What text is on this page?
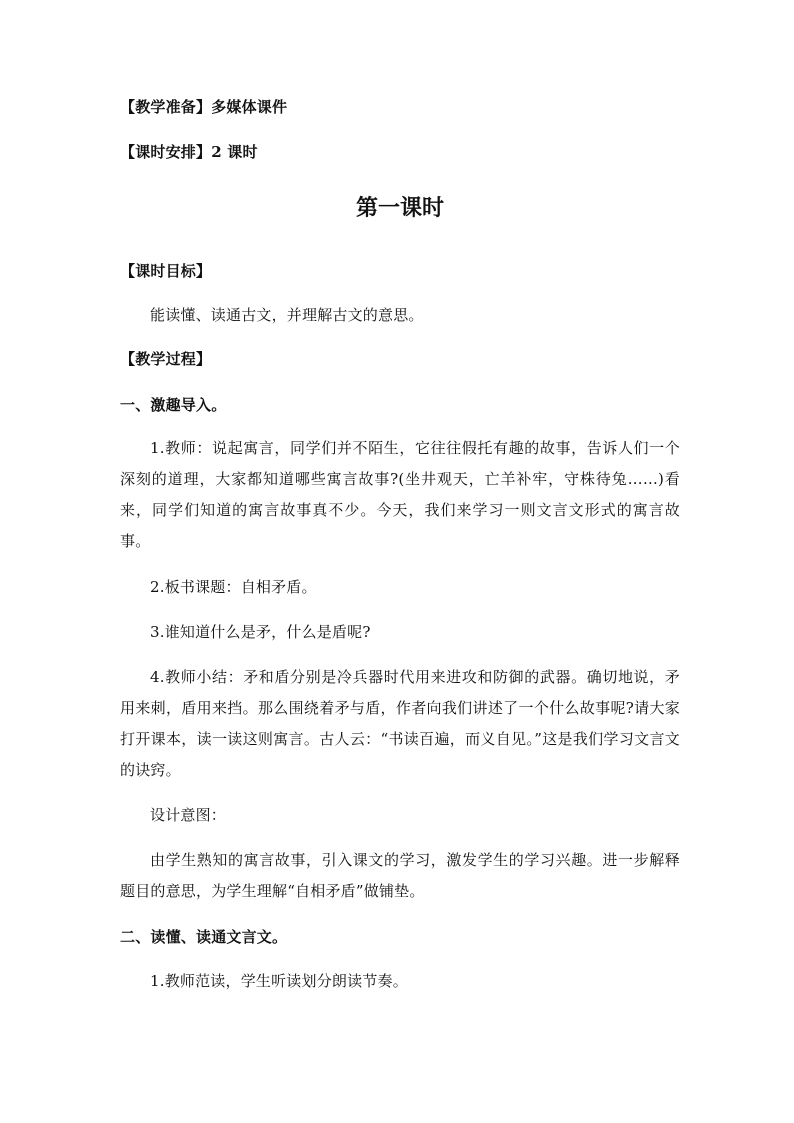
【教学准备】多媒体课件
【课时安排】2 课时
第一课时
【课时目标】
能读懂、读通古文，并理解古文的意思。
【教学过程】
一、激趣导入。
1.教师：说起寓言，同学们并不陌生，它往往假托有趣的故事，告诉人们一个深刻的道理，大家都知道哪些寓言故事?(坐井观天，亡羊补牢，守株待兔……)看来，同学们知道的寓言故事真不少。今天，我们来学习一则文言文形式的寓言故事。
2.板书课题：自相矛盾。
3.谁知道什么是矛，什么是盾呢?
4.教师小结：矛和盾分别是冷兵器时代用来进攻和防御的武器。确切地说，矛用来刺，盾用来挡。那么围绕着矛与盾，作者向我们讲述了一个什么故事呢?请大家打开课本，读一读这则寓言。古人云：“书读百遍，而义自见。”这是我们学习文言文的诀窍。
设计意图：
由学生熟知的寓言故事，引入课文的学习，激发学生的学习兴趣。进一步解释题目的意思，为学生理解“自相矛盾”做铺垫。
二、读懂、读通文言文。
1.教师范读，学生听读划分朗读节奏。
